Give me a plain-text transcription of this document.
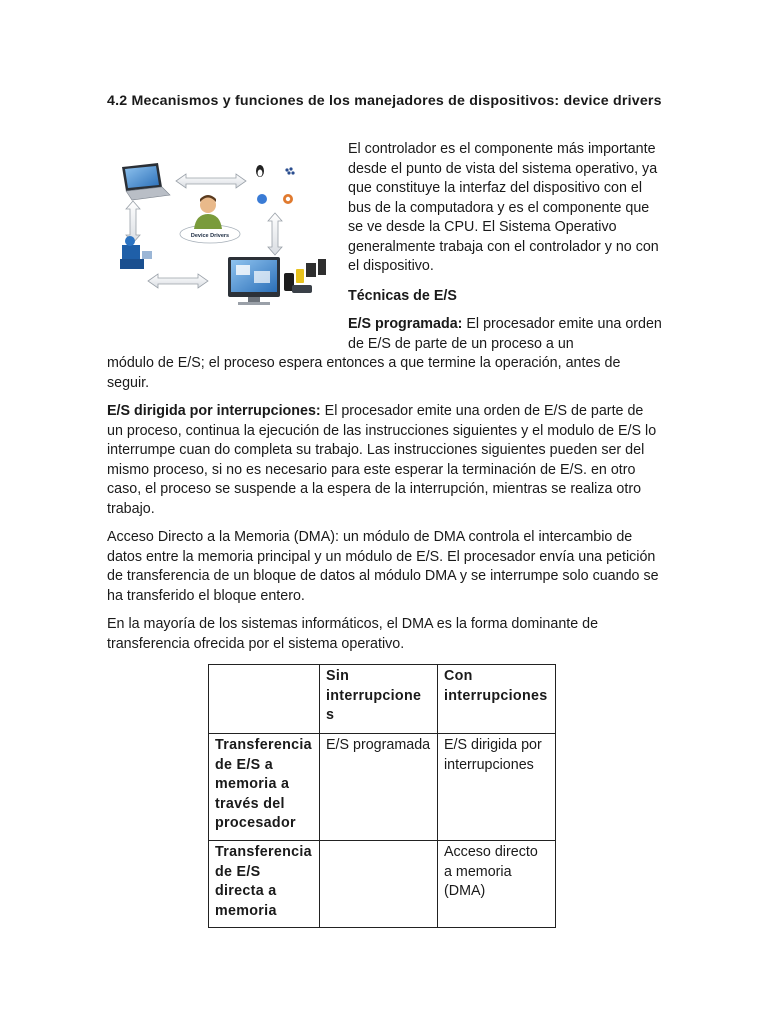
4.2 Mecanismos y funciones de los manejadores de dispositivos: device drivers
Device Drivers
El controlador es el componente más importante desde el punto de vista del sistema operativo, ya que constituye la interfaz del dispositivo con el bus de la computadora y es el componente que se ve desde la CPU. El Sistema Operativo generalmente trabaja con el controlador y no con el dispositivo.
Técnicas de E/S
E/S programada: El procesador emite una orden de E/S de parte de un proceso a un
módulo de E/S; el proceso espera entonces a que termine la operación, antes de seguir.

E/S dirigida por interrupciones: El procesador emite una orden de E/S de parte de un proceso, continua la ejecución de las instrucciones siguientes y el modulo de E/S lo interrumpe cuan do completa su trabajo. Las instrucciones siguientes pueden ser del mismo proceso, si no es necesario para este esperar la terminación de E/S. en otro caso, el proceso se suspende a la espera de la interrupción, mientras se realiza otro trabajo.

Acceso Directo a la Memoria (DMA): un módulo de DMA controla el intercambio de datos entre la memoria principal y un módulo de E/S. El procesador envía una petición de transferencia de un bloque de datos al módulo DMA y se interrumpe solo cuando se ha transferido el bloque entero.

En la mayoría de los sistemas informáticos, el DMA es la forma dominante de transferencia ofrecida por el sistema operativo.

	Sin interrupcione s	Con interrupciones
Transferencia de E/S a memoria a través del procesador	E/S programada	E/S dirigida por interrupciones
Transferencia de E/S directa a memoria		Acceso directo a memoria (DMA)
